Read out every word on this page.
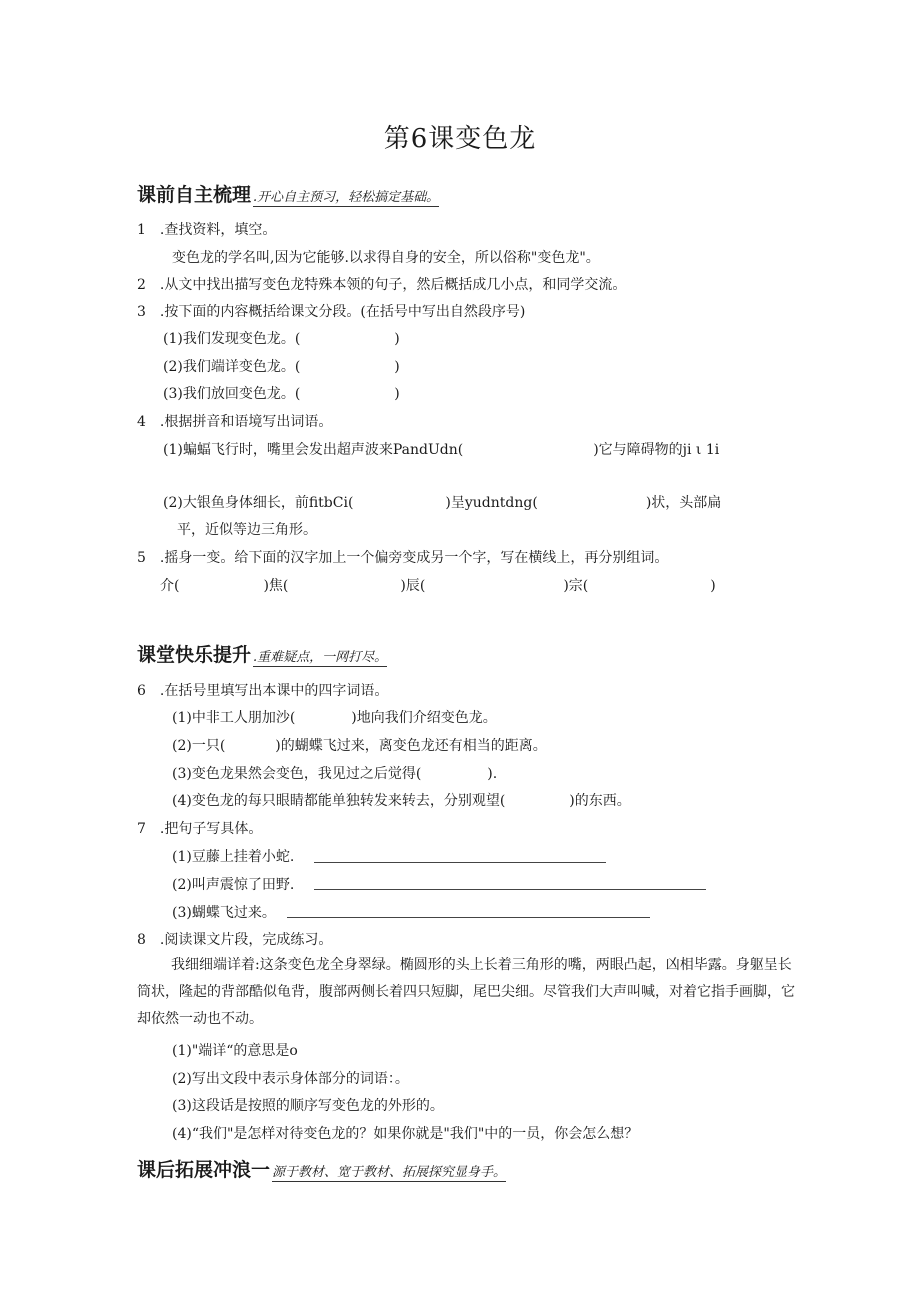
第6课变色龙
课前自主梳理 .开心自主预习，轻松搞定基础。
1　.查找资料，填空。
变色龙的学名叫,因为它能够.以求得自身的安全，所以俗称"变色龙"。
2　.从文中找出描写变色龙特殊本领的句子，然后概括成几小点，和同学交流。
3　.按下面的内容概括给课文分段。(在括号中写出自然段序号)
(1)我们发现变色龙。(	)
(2)我们端详变色龙。(	)
(3)我们放回变色龙。(	)
4　.根据拼音和语境写出词语。
(1)蝙蝠飞行时，嘴里会发出超声波来PandUdn(	)它与障碍物的ji ι 1i
(2)大银鱼身体细长，前fitbCi(	)呈yudntdng(	)状，头部扁
平，近似等边三角形。
5　.摇身一变。给下面的汉字加上一个偏旁变成另一个字，写在横线上，再分别组词。
介(	)焦(	)辰(	)宗(	)
课堂快乐提升 .重难疑点，一网打尽。
6　.在括号里填写出本课中的四字词语。
(1)中非工人朋加沙(	)地向我们介绍变色龙。
(2)一只(	)的蝴蝶飞过来，离变色龙还有相当的距离。
(3)变色龙果然会变色，我见过之后觉得(	).
(4)变色龙的每只眼睛都能单独转发来转去，分别观望(	)的东西。
7　.把句子写具体。
(1)豆藤上挂着小蛇.
(2)叫声震惊了田野.
(3)蝴蝶飞过来。
8　.阅读课文片段，完成练习。
我细细端详着:这条变色龙全身翠绿。椭圆形的头上长着三角形的嘴，两眼凸起，凶相毕露。身躯呈长筒状，隆起的背部酷似龟背，腹部两侧长着四只短脚，尾巴尖细。尽管我们大声叫喊，对着它指手画脚，它却依然一动也不动。
(1)"端详“的意思是o
(2)写出文段中表示身体部分的词语：。
(3)这段话是按照的顺序写变色龙的外形的。
(4)“我们"是怎样对待变色龙的？如果你就是"我们"中的一员，你会怎么想？
课后拓展冲浪一 源于教材、宽于教材、拓展探究显身手。
